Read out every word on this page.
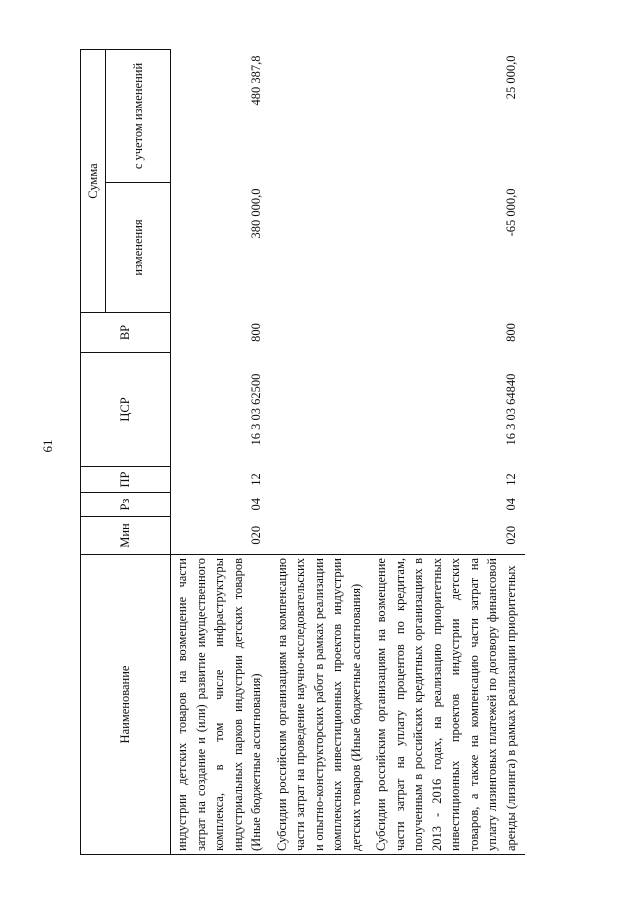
61
Наименование	Мин	Рз	ПР	ЦСР	ВР	Сумма	
						изменения	с учетом изменений
индустрии детских товаров на возмещение части затрат на создание и (или) развитие имущественного комплекса, в том числе инфраструктуры индустриальных парков индустрии детских товаров (Иные бюджетные ассигнования)	020	04	12	16 3 03 62500	800	380 000,0	480 387,8
Субсидии российским организациям на компенсацию части затрат на проведение научно-исследовательских и опытно-конструкторских работ в рамках реализации комплексных инвестиционных проектов индустрии детских товаров (Иные бюджетные ассигнования)							
Субсидии российским организациям на возмещение части затрат на уплату процентов по кредитам, полученным в российских кредитных организациях в 2013 - 2016 годах, на реализацию приоритетных инвестиционных проектов индустрии детских товаров, а также на компенсацию части затрат на уплату лизинговых платежей по договору финансовой аренды (лизинга) в рамках реализации приоритетных	020	04	12	16 3 03 64840	800	-65 000,0	25 000,0
